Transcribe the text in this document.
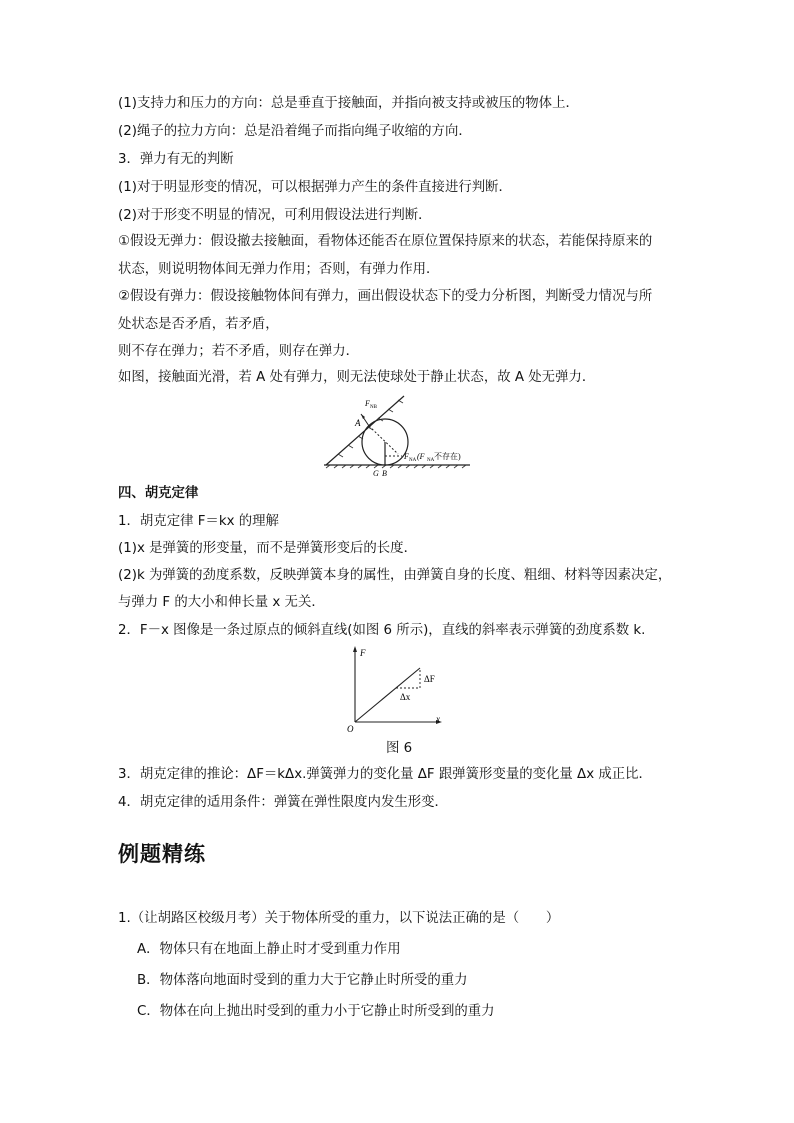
(1)支持力和压力的方向：总是垂直于接触面，并指向被支持或被压的物体上．
(2)绳子的拉力方向：总是沿着绳子而指向绳子收缩的方向．
3．弹力有无的判断
(1)对于明显形变的情况，可以根据弹力产生的条件直接进行判断．
(2)对于形变不明显的情况，可利用假设法进行判断．
①假设无弹力：假设撤去接触面，看物体还能否在原位置保持原来的状态，若能保持原来的
状态，则说明物体间无弹力作用；否则，有弹力作用．
②假设有弹力：假设接触物体间有弹力，画出假设状态下的受力分析图，判断受力情况与所
处状态是否矛盾，若矛盾，
则不存在弹力；若不矛盾，则存在弹力．
如图，接触面光滑，若 A 处有弹力，则无法使球处于静止状态，故 A 处无弹力．
F NB
A
F NA (F NA 不存在)
G B
四、胡克定律
1．胡克定律 F＝kx 的理解
(1)x 是弹簧的形变量，而不是弹簧形变后的长度．
(2)k 为弹簧的劲度系数，反映弹簧本身的属性，由弹簧自身的长度、粗细、材料等因素决定，
与弹力 F 的大小和伸长量 x 无关．
2．F－x 图像是一条过原点的倾斜直线(如图 6 所示)，直线的斜率表示弹簧的劲度系数 k.
F
x
O
ΔF
Δx
图 6
3．胡克定律的推论：ΔF＝kΔx.弹簧弹力的变化量 ΔF 跟弹簧形变量的变化量 Δx 成正比．
4．胡克定律的适用条件：弹簧在弹性限度内发生形变．
例题精练
1.（让胡路区校级月考）关于物体所受的重力，以下说法正确的是（　　）
A．物体只有在地面上静止时才受到重力作用
B．物体落向地面时受到的重力大于它静止时所受的重力
C．物体在向上抛出时受到的重力小于它静止时所受到的重力
